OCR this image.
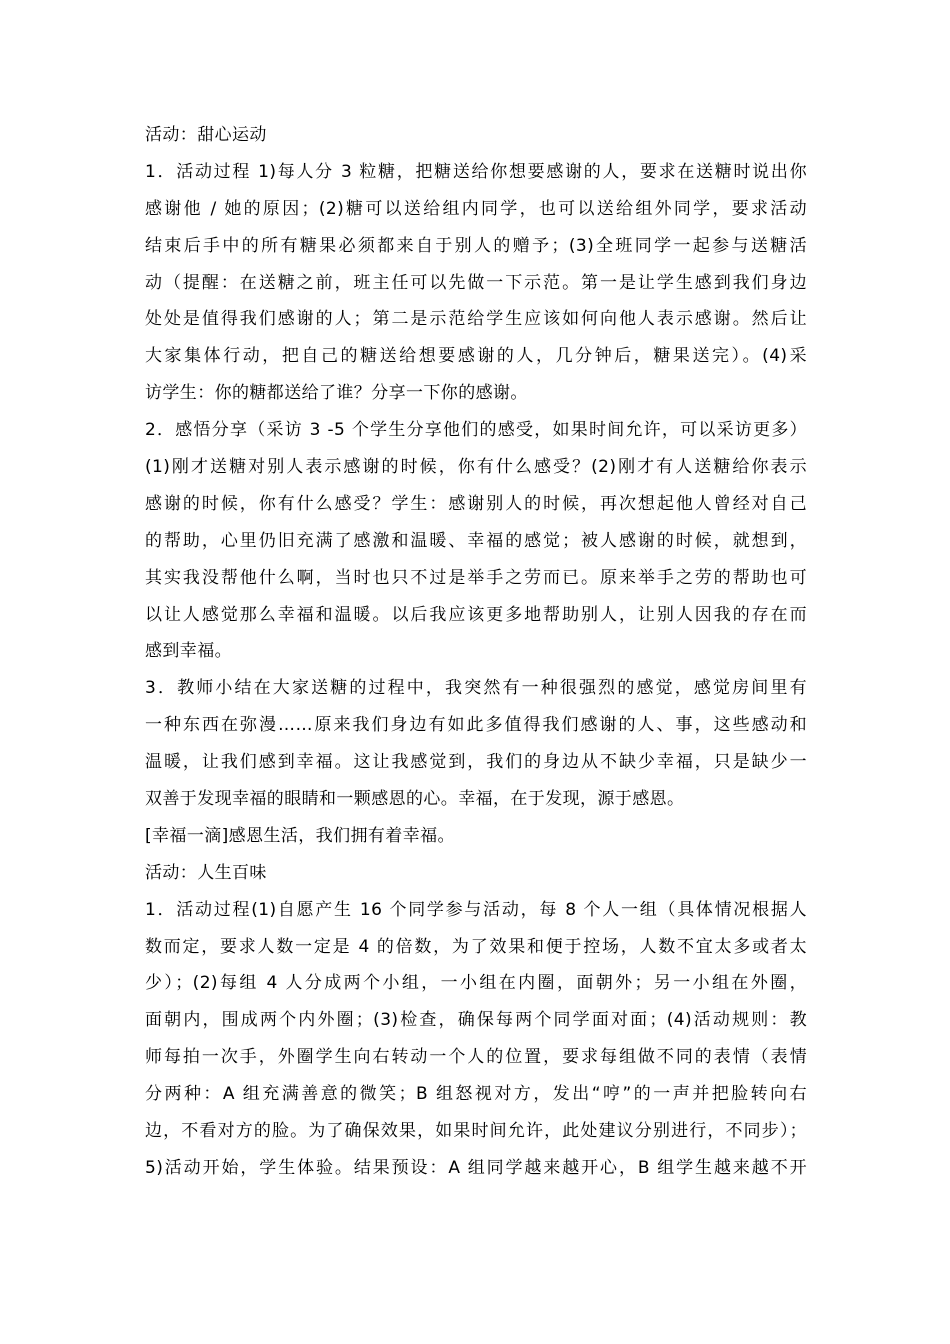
活动：甜心运动
1．活动过程 1)每人分 3 粒糖，把糖送给你想要感谢的人，要求在送糖时说出你
感谢他 / 她的原因；(2)糖可以送给组内同学，也可以送给组外同学，要求活动
结束后手中的所有糖果必须都来自于别人的赠予；(3)全班同学一起参与送糖活
动（提醒：在送糖之前，班主任可以先做一下示范。第一是让学生感到我们身边
处处是值得我们感谢的人；第二是示范给学生应该如何向他人表示感谢。然后让
大家集体行动，把自己的糖送给想要感谢的人，几分钟后，糖果送完）。(4)采
访学生：你的糖都送给了谁？分享一下你的感谢。
2．感悟分享（采访 3 -5 个学生分享他们的感受，如果时间允许，可以采访更多）
(1)刚才送糖对别人表示感谢的时候，你有什么感受？(2)刚才有人送糖给你表示
感谢的时候，你有什么感受？学生：感谢别人的时候，再次想起他人曾经对自己
的帮助，心里仍旧充满了感激和温暖、幸福的感觉；被人感谢的时候，就想到，
其实我没帮他什么啊，当时也只不过是举手之劳而已。原来举手之劳的帮助也可
以让人感觉那么幸福和温暖。以后我应该更多地帮助别人，让别人因我的存在而
感到幸福。
3．教师小结在大家送糖的过程中，我突然有一种很强烈的感觉，感觉房间里有
一种东西在弥漫……原来我们身边有如此多值得我们感谢的人、事，这些感动和
温暖，让我们感到幸福。这让我感觉到，我们的身边从不缺少幸福，只是缺少一
双善于发现幸福的眼睛和一颗感恩的心。幸福，在于发现，源于感恩。
[幸福一滴]感恩生活，我们拥有着幸福。
活动：人生百味
1．活动过程(1)自愿产生 16 个同学参与活动，每 8 个人一组（具体情况根据人
数而定，要求人数一定是 4 的倍数，为了效果和便于控场，人数不宜太多或者太
少）；(2)每组 4 人分成两个小组，一小组在内圈，面朝外；另一小组在外圈，
面朝内，围成两个内外圈；(3)检查，确保每两个同学面对面；(4)活动规则：教
师每拍一次手，外圈学生向右转动一个人的位置，要求每组做不同的表情（表情
分两种：A 组充满善意的微笑；B 组怒视对方，发出“哼”的一声并把脸转向右
边，不看对方的脸。为了确保效果，如果时间允许，此处建议分别进行，不同步）；
5)活动开始，学生体验。结果预设：A 组同学越来越开心，B 组学生越来越不开
